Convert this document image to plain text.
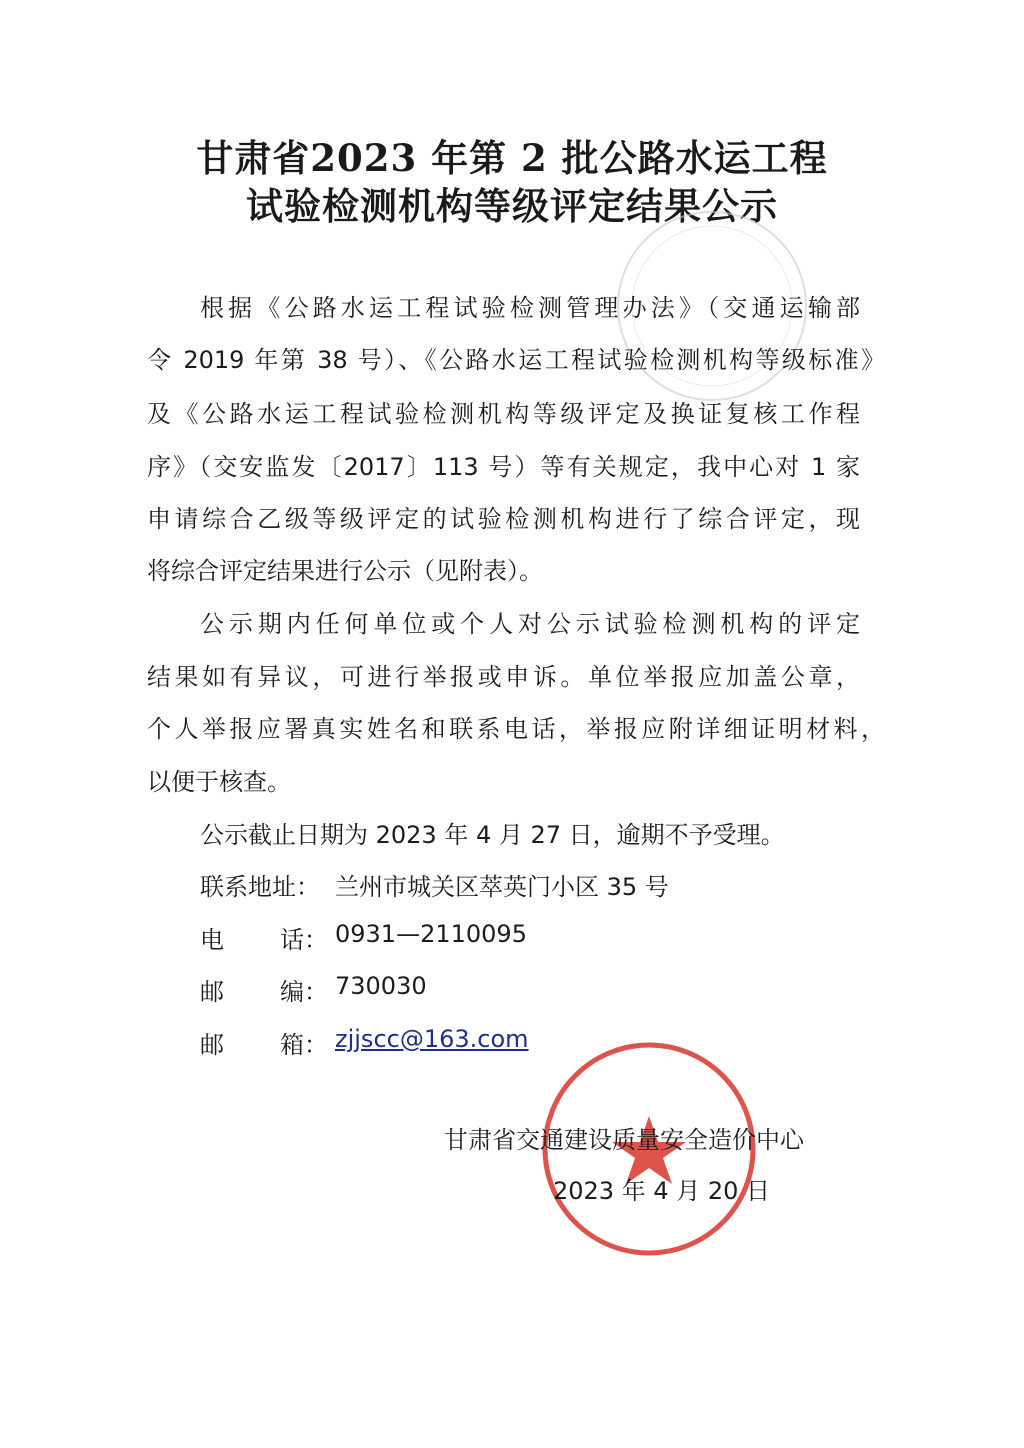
甘肃省2023 年第 2 批公路水运工程
试验检测机构等级评定结果公示

根据《公路水运工程试验检测管理办法》（交通运输部

令 2019 年第 38 号）、《公路水运工程试验检测机构等级标准》

及《公路水运工程试验检测机构等级评定及换证复核工作程

序》（交安监发〔2017〕113 号）等有关规定，我中心对 1 家

申请综合乙级等级评定的试验检测机构进行了综合评定，现

将综合评定结果进行公示（见附表）。

公示期内任何单位或个人对公示试验检测机构的评定

结果如有异议，可进行举报或申诉。单位举报应加盖公章，

个人举报应署真实姓名和联系电话，举报应附详细证明材料，

以便于核查。

公示截止日期为 2023 年 4 月 27 日，逾期不予受理。

联系地址： 兰州市城关区萃英门小区 35 号

电 话： 0931—2110095

邮 编： 730030

邮 箱： zjjscc@163.com

甘肃省交通建设质量安全造价中心

2023 年 4 月 20 日
